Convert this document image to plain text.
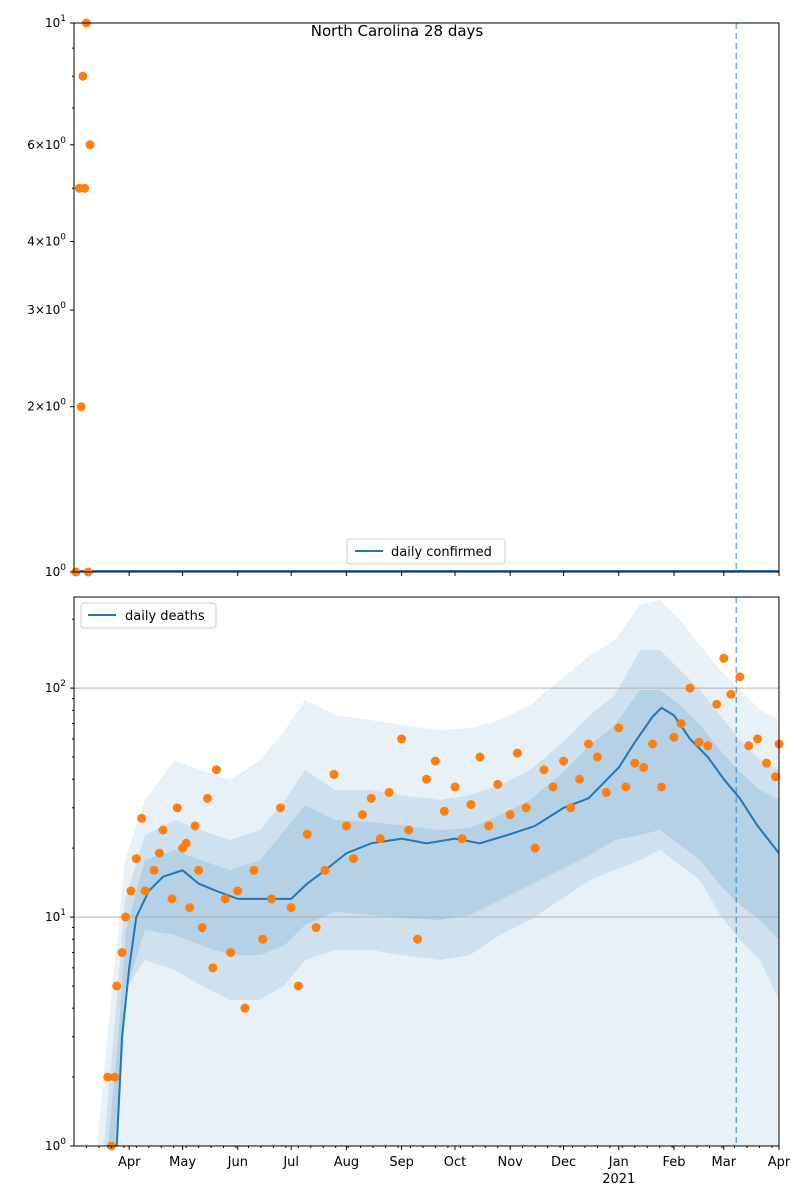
North Carolina 28 days
$10^1$
$6\times 10^0$
$4\times 10^0$
$3\times 10^0$
$2\times 10^0$
$10^0$
daily confirmed
$10^2$
$10^1$
$10^0$
Apr May Jun	Jul	Aug Sep Oct Nov Dec	Jan	Feb Mar Apr
2021
daily deaths
